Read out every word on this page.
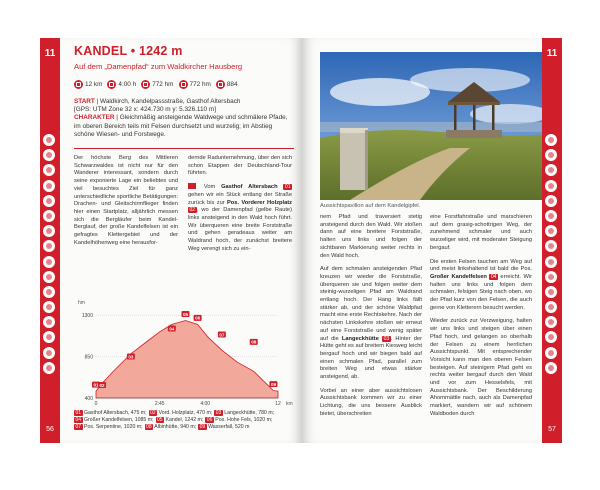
11
56
KANDEL • 1242 m
Auf dem „Damenpfad“ zum Waldkircher Hausberg
12 km	4:00 h	772 hm	772 hm	884
START | Waldkirch, Kandelpassstraße, Gasthof Altersbach
[GPS: UTM Zone 32 x: 424.730 m y: 5.326.110 m]
CHARAKTER | Gleichmäßig ansteigende Waldwege und schmälere Pfade, im oberen Bereich teils mit Felsen durchsetzt und wurzelig; im Abstieg schöne Wiesen- und Forstwege.

Der höchste Berg des Mittleren Schwarzwaldes ist nicht nur für den Wanderer interessant, sondern durch seine exponierte Lage ein beliebtes und viel besuchtes Ziel für ganz unterschiedliche sportliche Betätigungen: Drachen- und Gleitschirmflieger finden hier einen Startplatz, alljährlich messen sich die Bergläufer beim Kandel-Berglauf, der große Kandelfelsen ist ein gefragtes Klettergebiet und der Kandelhöhenweg eine herausfor-

dernde Radunternehmung, über den sich schon Etappen der Deutschland-Tour führten.

Vom Gasthof Altersbach 01 gehen wir ein Stück entlang der Straße zurück bis zur Pos. Vorderer Holzplatz 02 , wo der Damenpfad (gelbe Raute) links ansteigend in den Wald hoch führt. Wir überqueren eine breite Forststraße und gehen geradeaus weiter am Waldrand hoch, der zunächst breitere Weg verengt sich zu ein-

hm
400
850
1300
0	2:45	4:00	12 km
01 02
03
04
05
06
07
08
09
01 Gasthof Altersbach, 475 m; 02 Vord. Holzplatz, 470 m; 03 Langeckhütte, 780 m;04 Großer Kandelfelsen, 1085 m; 05 Kandel, 1242 m; 06 Pos. Hohe Fels, 1020 m;07 Pos. Serpentine, 1020 m; 08 Albinhütte, 940 m; 09 Wasserfall, 520 m
Aussichtspavillon auf dem Kandelgipfel.

nem Pfad und traversiert stetig ansteigend durch den Wald. Wir stoßen dann auf eine breitere Forststraße, halten uns links und folgen der sichtbaren Markierung weiter rechts in den Wald hoch.

Auf dem schmalen ansteigenden Pfad kreuzen wir wieder die Forststraße, überqueren sie und folgen weiter dem steinig-wurzeligen Pfad am Waldrand entlang hoch. Der Hang links fällt stärker ab, und der schöne Waldpfad macht eine erste Rechtskehre. Nach der nächsten Linkskehre stoßen wir erneut auf eine Forststraße und wenig später auf die Langeckhütte 03 . Hinter der Hütte geht es auf breitem Kiesweg leicht bergauf hoch und wir biegen bald auf einen schmalen Pfad, parallel zum breiten Weg und etwas stärker ansteigend, ab.

Vorbei an einer aber aussichtslosen Aussichtsbank kommen wir zu einer Lichtung, die uns bessere Ausblick bietet, überschreiten

eine Forstfahrstraße und marschieren auf dem grasig-schottrigen Weg, der zunehmend schmaler und auch wurzeliger wird, mit moderater Steigung bergauf.

Die ersten Felsen tauchen am Weg auf und meist linkshaltend ist bald die Pos. Großer Kandelfelsen 04 erreicht. Wir halten uns links und folgen dem schmalen, felsigen Steig nach oben, wo der Pfad kurz von den Felsen, die auch gerne von Kletterern besucht werden.

Wieder zurück zur Verzweigung, halten wir uns links und steigen über einen Pfad hoch, und gelangen so oberhalb der Felsen zu einem herrlichen Aussichtspunkt. Mit entsprechender Vorsicht kann man den oberen Felsen besteigen. Auf steinigem Pfad geht es rechts weiter bergauf durch den Wald und vor zum Hesselsfels, mit Aussichtsbank. Der Beschilderung Ahornmättle nach, auch als Damenpfad markiert, wandern wir auf schönem Waldboden durch

11
57
